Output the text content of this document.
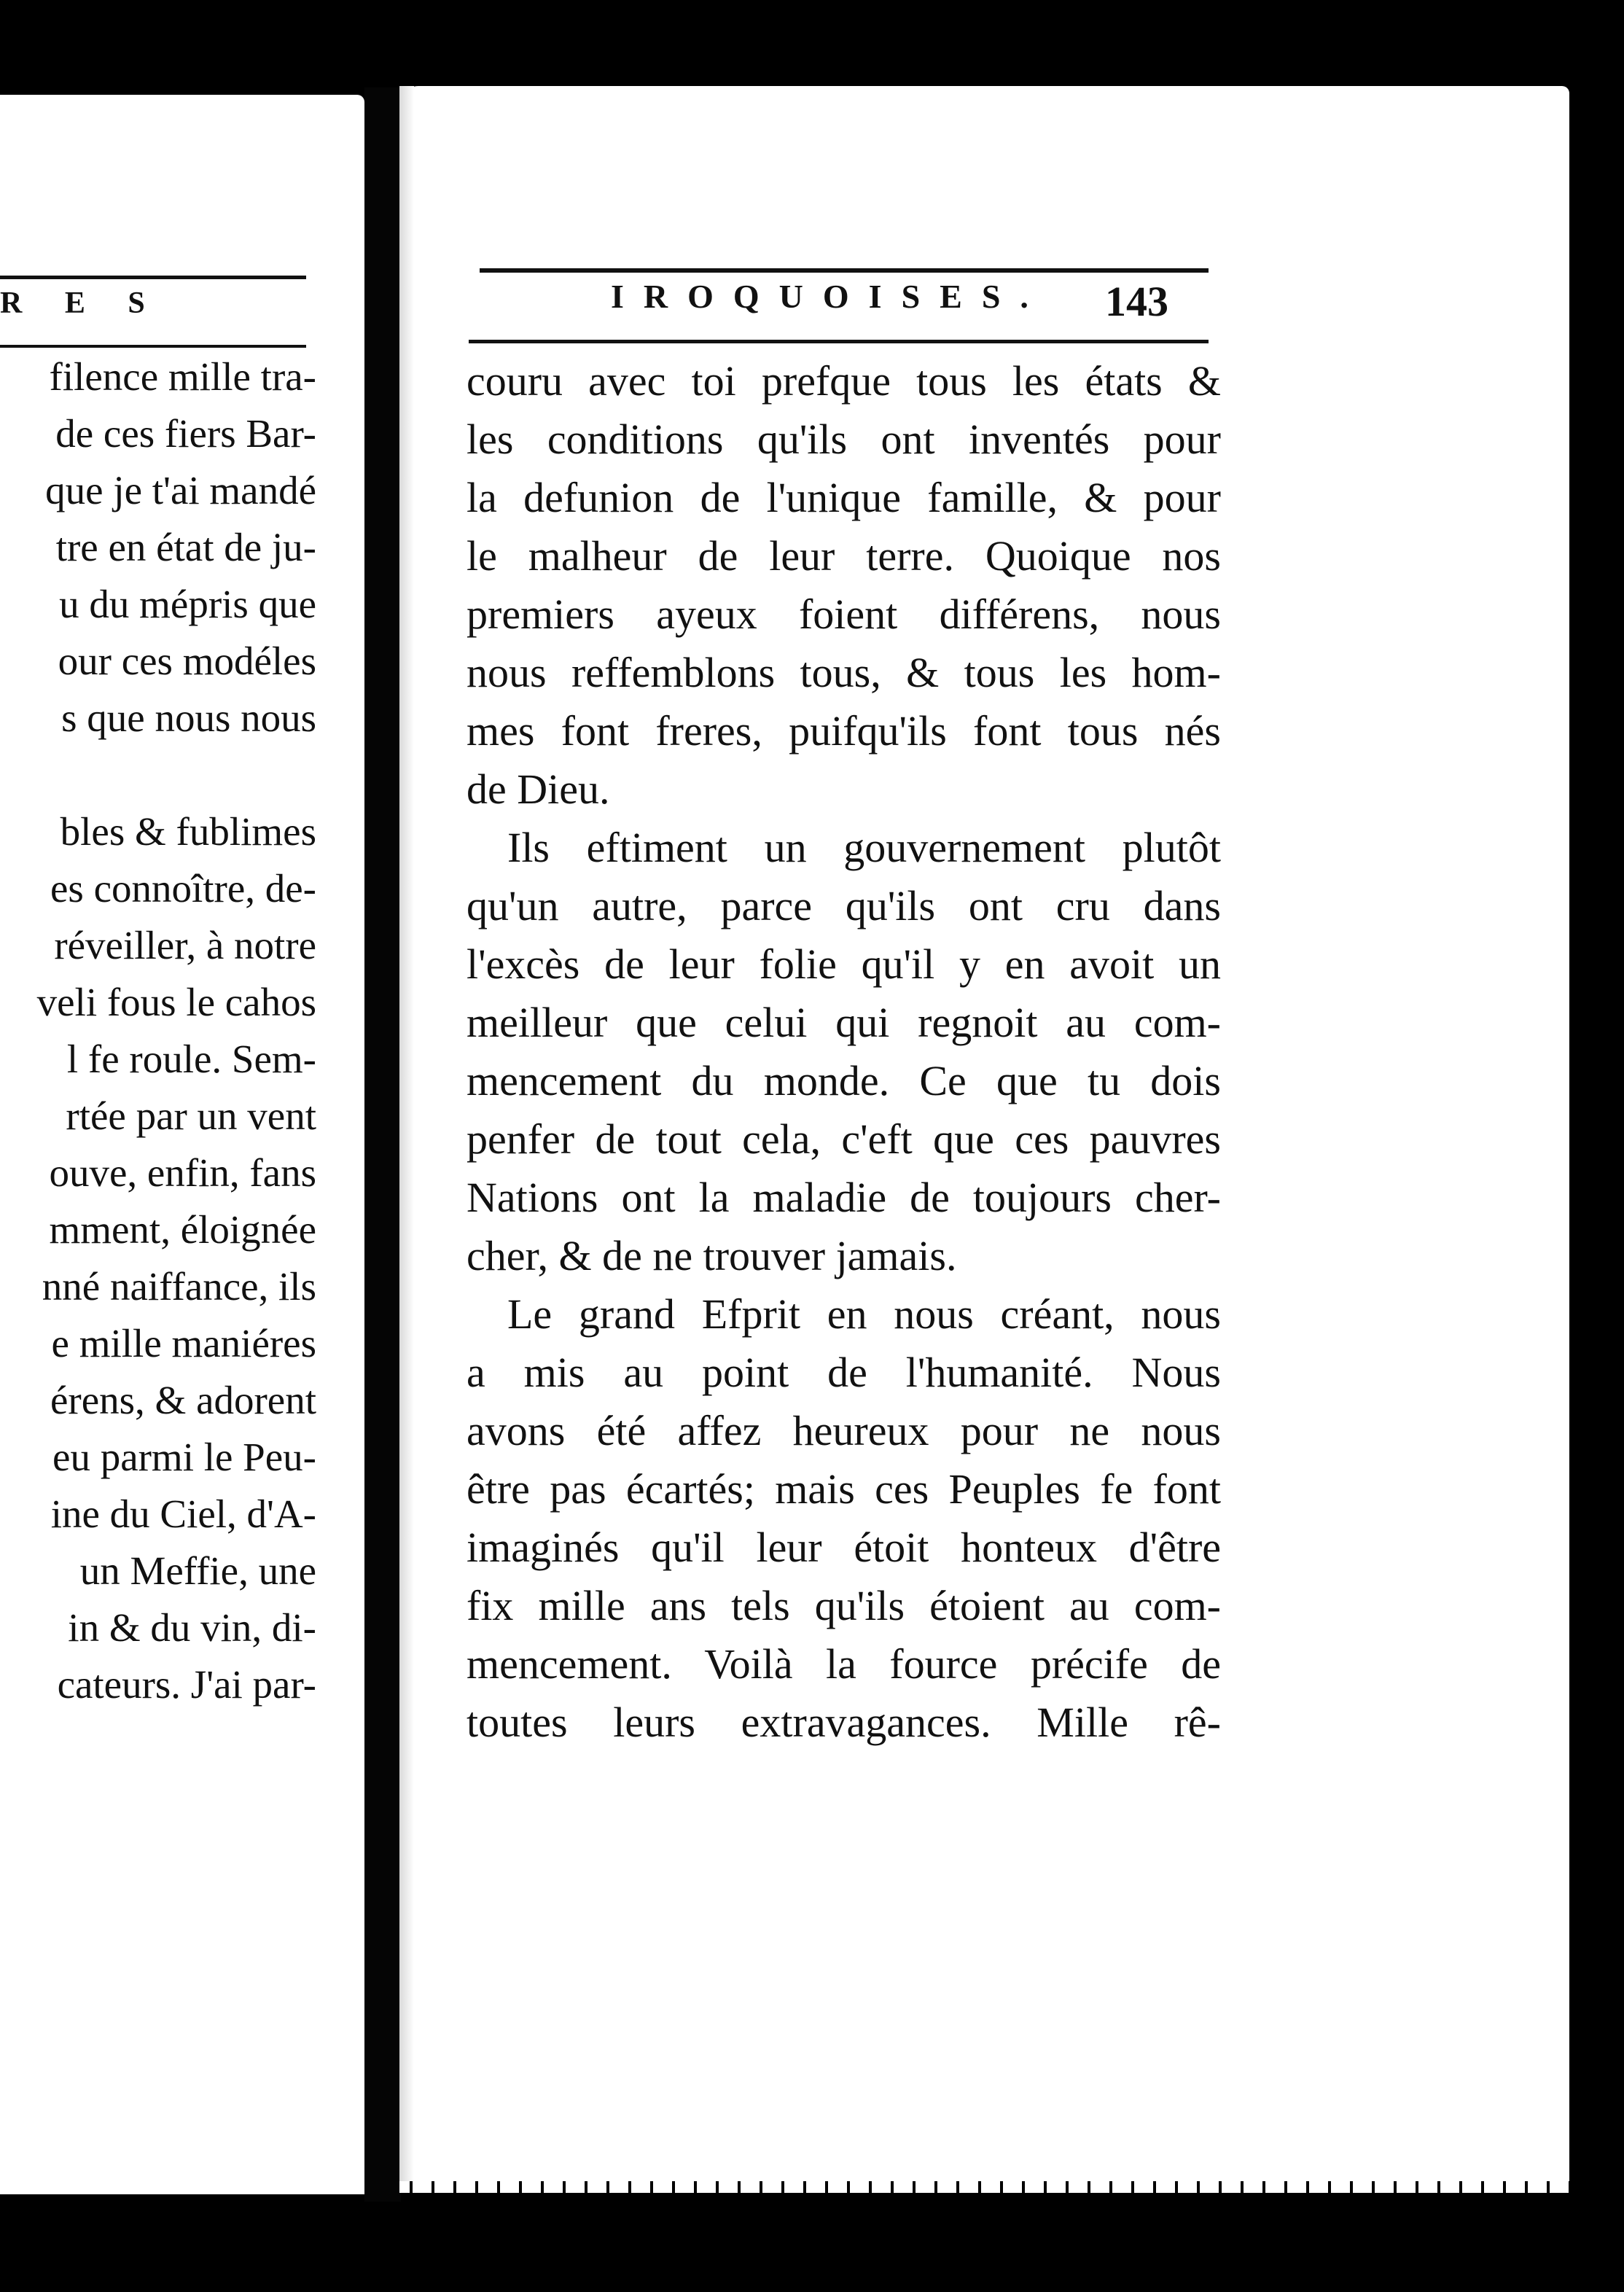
R E S
filence mille tra-
de ces fiers Bar-
que je t'ai mandé
tre en état de ju-
u du mépris que
our ces modéles
s que nous nous
bles & fublimes
es connoître, de-
réveiller, à notre
veli fous le cahos
l fe roule. Sem-
rtée par un vent
ouve, enfin, fans
mment, éloignée
nné naiffance, ils
e mille maniéres
érens, & adorent
eu parmi le Peu-
ine du Ciel, d'A-
un Meffie, une
in & du vin, di-
cateurs. J'ai par-
IROQUOISES. 143
couru avec toi prefque tous les états &
les conditions qu'ils ont inventés pour
la defunion de l'unique famille, & pour
le malheur de leur terre. Quoique nos
premiers ayeux foient différens, nous
nous reffemblons tous, & tous les hom-
mes font freres, puifqu'ils font tous nés
de Dieu.
Ils eftiment un gouvernement plutôt
qu'un autre, parce qu'ils ont cru dans
l'excès de leur folie qu'il y en avoit un
meilleur que celui qui regnoit au com-
mencement du monde. Ce que tu dois
penfer de tout cela, c'eft que ces pauvres
Nations ont la maladie de toujours cher-
cher, & de ne trouver jamais.
Le grand Efprit en nous créant, nous
a mis au point de l'humanité. Nous
avons été affez heureux pour ne nous
être pas écartés; mais ces Peuples fe font
imaginés qu'il leur étoit honteux d'être
fix mille ans tels qu'ils étoient au com-
mencement. Voilà la fource précife de
toutes leurs extravagances. Mille rê-
